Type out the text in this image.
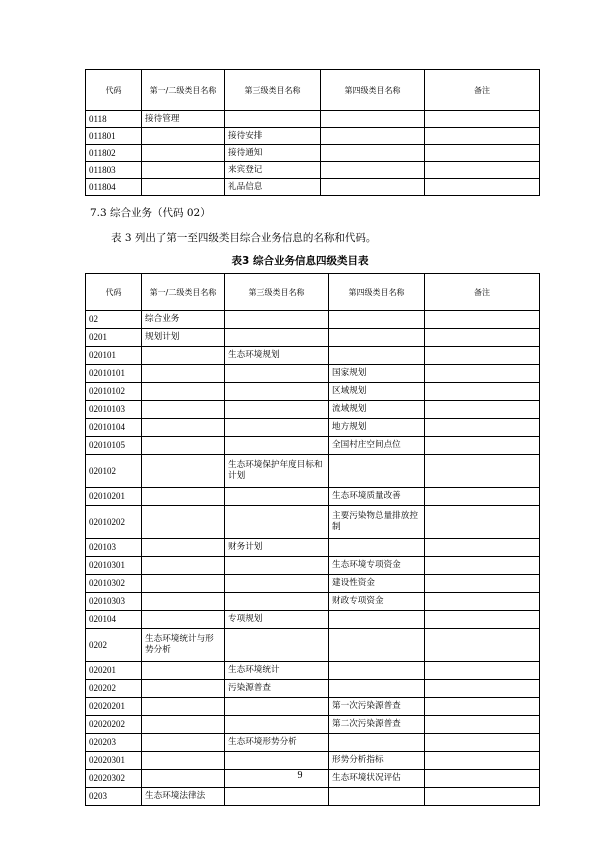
代码	第一/二级类目名称	第三级类目名称	第四级类目名称	备注
0118	接待管理			
011801		接待安排		
011802		接待通知		
011803		来宾登记		
011804		礼品信息		
7.3 综合业务（代码 02）
表 3 列出了第一至四级类目综合业务信息的名称和代码。
表3 综合业务信息四级类目表
代码	第一/二级类目名称	第三级类目名称	第四级类目名称	备注
02	综合业务			
0201	规划计划			
020101		生态环境规划		
02010101			国家规划	
02010102			区域规划	
02010103			流域规划	
02010104			地方规划	
02010105			全国村庄空间点位	
020102		生态环境保护年度目标和计划		
02010201			生态环境质量改善	
02010202			主要污染物总量排放控制	
020103		财务计划		
02010301			生态环境专项资金	
02010302			建设性资金	
02010303			财政专项资金	
020104		专项规划		
0202	生态环境统计与形势分析			
020201		生态环境统计		
020202		污染源普查		
02020201			第一次污染源普查	
02020202			第二次污染源普查	
020203		生态环境形势分析		
02020301			形势分析指标	
02020302			生态环境状况评估	
0203	生态环境法律法			
9
